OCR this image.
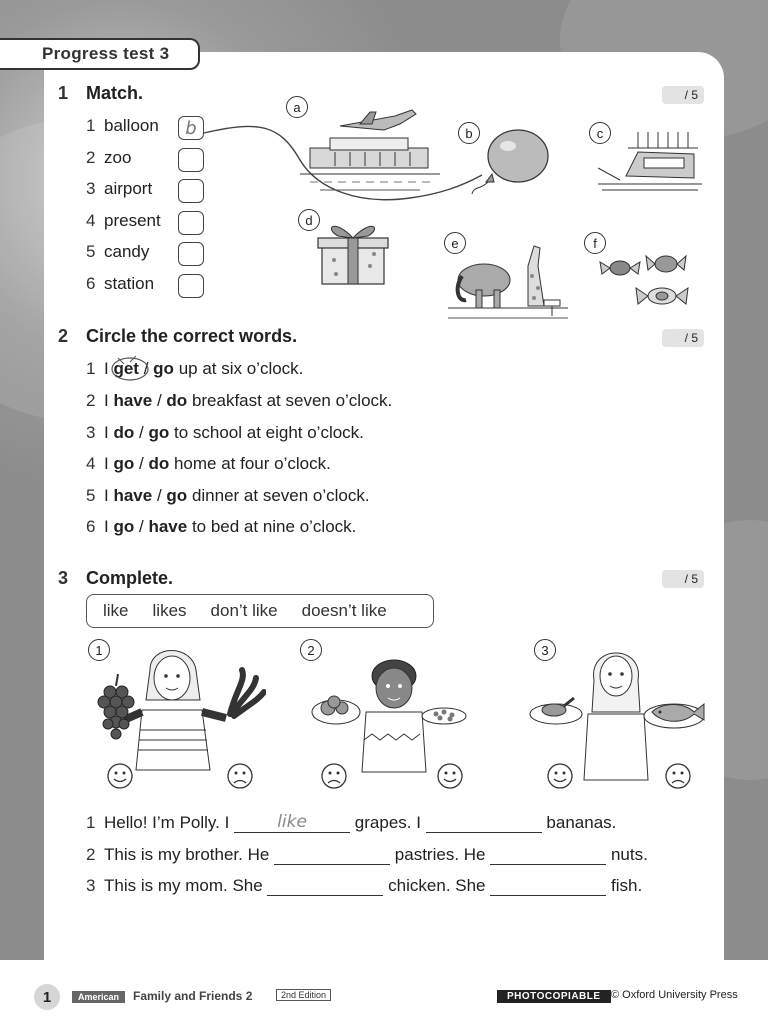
Progress test 3
1 Match.	/ 5
1 balloon	b
2 zoo
3 airport
4 present
5 candy
6 station
a
b	c
d
e	f
2 Circle the correct words.	/ 5
1 I get / go up at six o’clock.
2 I have / do breakfast at seven o’clock.
3 I do / go to school at eight o’clock.
4 I go / do home at four o’clock.
5 I have / go dinner at seven o’clock.
6 I go / have to bed at nine o’clock.
3 Complete.	/ 5
like likes don’t like doesn’t like
1	2	3
1 Hello! I’m Polly. I	like	grapes. I	bananas.
2 This is my brother. He	pastries. He	nuts.
3 This is my mom. She	chicken. She	fish.
1	American	Family and Friends 2	2nd Edition	PHOTOCOPIABLE © Oxford University Press
